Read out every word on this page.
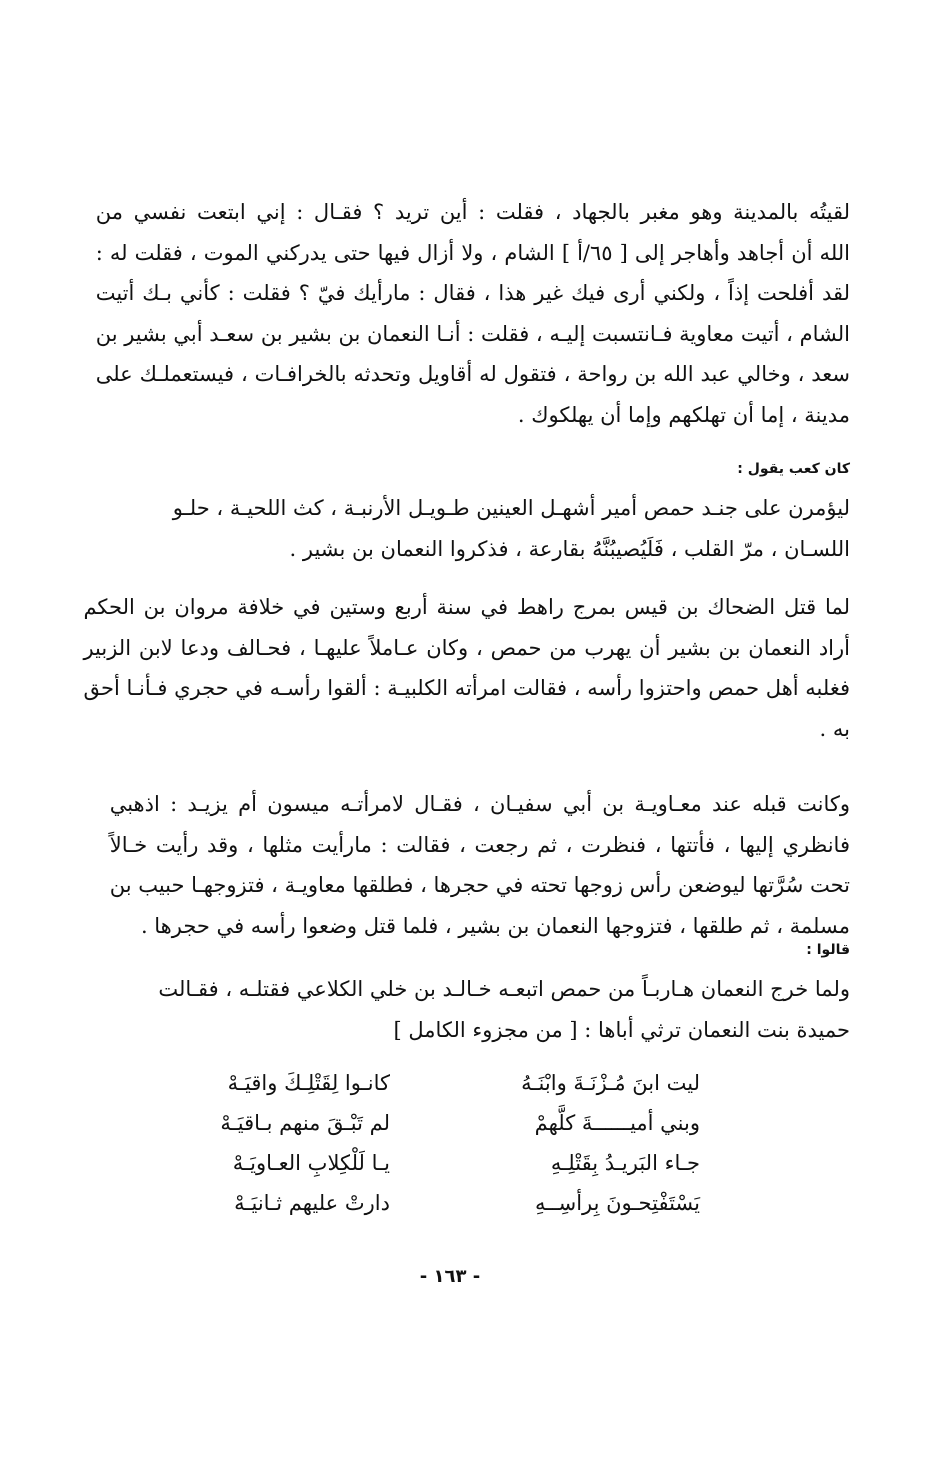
لقيتُه بالمدينة وهو مغبر بالجهاد ، فقلت : أين تريد ؟ فقـال : إني ابتعت نفسي من
الله أن أجاهد وأهاجر إلى [ ٦٥/أ ] الشام ، ولا أزال فيها حتى يدركني الموت ، فقلت له :
لقد أفلحت إذاً ، ولكني أرى فيك غير هذا ، فقال : مارأيك فيّ ؟ فقلت : كأني بـك أتيت
الشام ، أتيت معاوية فـانتسبت إليـه ، فقلت : أنـا النعمان بن بشير بن سعـد أبي بشير بن
سعد ، وخالي عبد الله بن رواحة ، فتقول له أقاويل وتحدثه بالخرافـات ، فيستعملـك على
مدينة ، إما أن تهلكهم وإما أن يهلكوك .
كان كعب يقول :
ليؤمرن على جنـد حمص أمير أشهـل العينين طـويـل الأرنبـة ، كث اللحيـة ، حلـو
اللسـان ، مرّ القلب ، فَلَيُصيبُنَّهُ بقارعة ، فذكروا النعمان بن بشير .
لما قتل الضحاك بن قيس بمرج راهط في سنة أربع وستين في خلافة مروان بن الحكم
أراد النعمان بن بشير أن يهرب من حمص ، وكان عـاملاً عليهـا ، فحـالف ودعا لابن الزبير
فغلبه أهل حمص واحتزوا رأسه ، فقالت امرأته الكلبيـة : ألقوا رأسـه في حجري فـأنـا أحق
به .
وكانت قبله عند معـاويـة بن أبي سفيـان ، فقـال لامرأتـه ميسون أم يزيـد : اذهبي
فانظري إليها ، فأتتها ، فنظرت ، ثم رجعت ، فقالت : مارأيت مثلها ، وقد رأيت خـالاً
تحت سُرَّتها ليوضعن رأس زوجها تحته في حجرها ، فطلقها معاويـة ، فتزوجهـا حبيب بن
مسلمة ، ثم طلقها ، فتزوجها النعمان بن بشير ، فلما قتل وضعوا رأسه في حجرها .
قالوا :
ولما خرج النعمان هـاربـاً من حمص اتبعـه خـالـد بن خلي الكلاعي فقتلـه ، فقـالت
حميدة بنت النعمان ترثي أباها : [ من مجزوء الكامل ]
ليت ابنَ مُـزْنَـةَ وابْنَـهُ
كانـوا لِقَتْلِـكَ واقيَـهْ
وبني أميــــــةَ كلَّهمْ
لم تَبْـقَ منهم بـاقيَـهْ
جـاء البَريـدُ بِقَتْلِـهِ
يـا لَلْكِلابِ العـاويَـهْ
يَسْتَفْتِحـونَ بِرأسِــهِ
دارتْ عليهم ثـانيَـهْ
- ١٦٣ -
